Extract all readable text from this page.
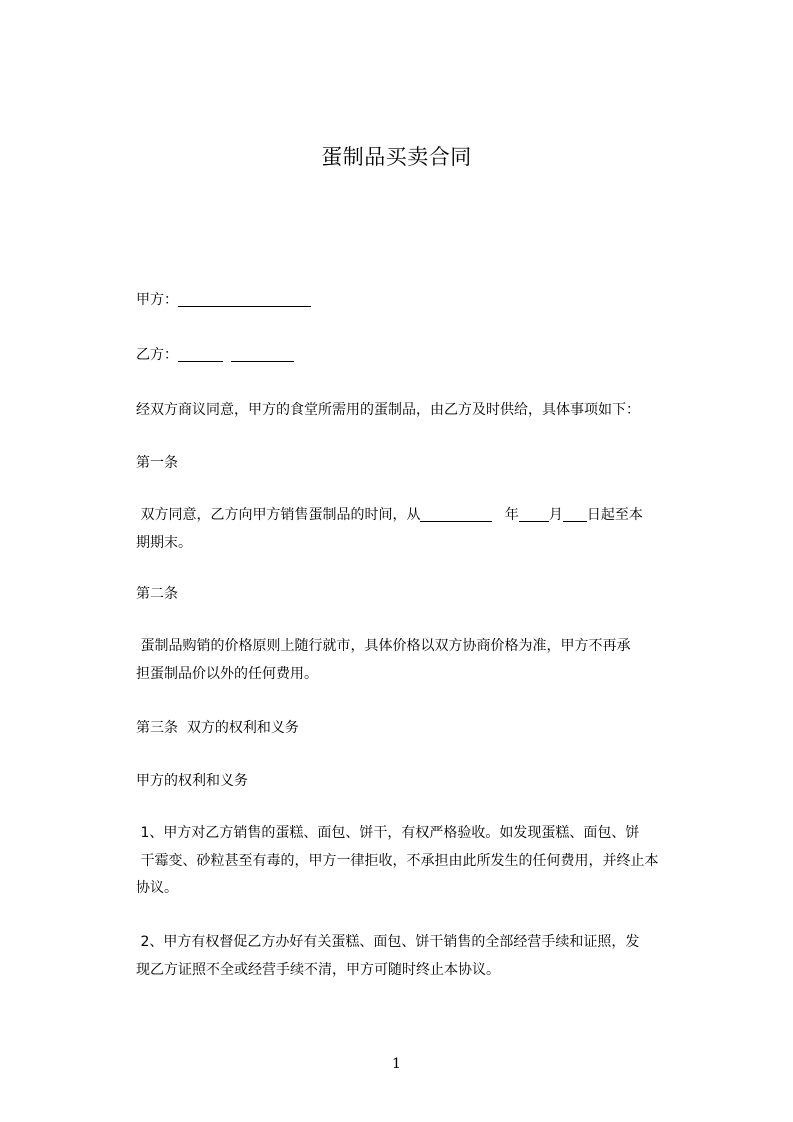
蛋制品买卖合同
甲方：
乙方：
经双方商议同意，甲方的食堂所需用的蛋制品，由乙方及时供给，具体事项如下：
第一条
双方同意，乙方向甲方销售蛋制品的时间，从	年 月 日起至本
期期末。
第二条
蛋制品购销的价格原则上随行就市，具体价格以双方协商价格为准，甲方不再承
担蛋制品价以外的任何费用。
第三条  双方的权利和义务
甲方的权利和义务
1、甲方对乙方销售的蛋糕、面包、饼干，有权严格验收。如发现蛋糕、面包、饼
干霉变、砂粒甚至有毒的，甲方一律拒收，不承担由此所发生的任何费用，并终止本
协议。
2、甲方有权督促乙方办好有关蛋糕、面包、饼干销售的全部经营手续和证照，发
现乙方证照不全或经营手续不清，甲方可随时终止本协议。
1
